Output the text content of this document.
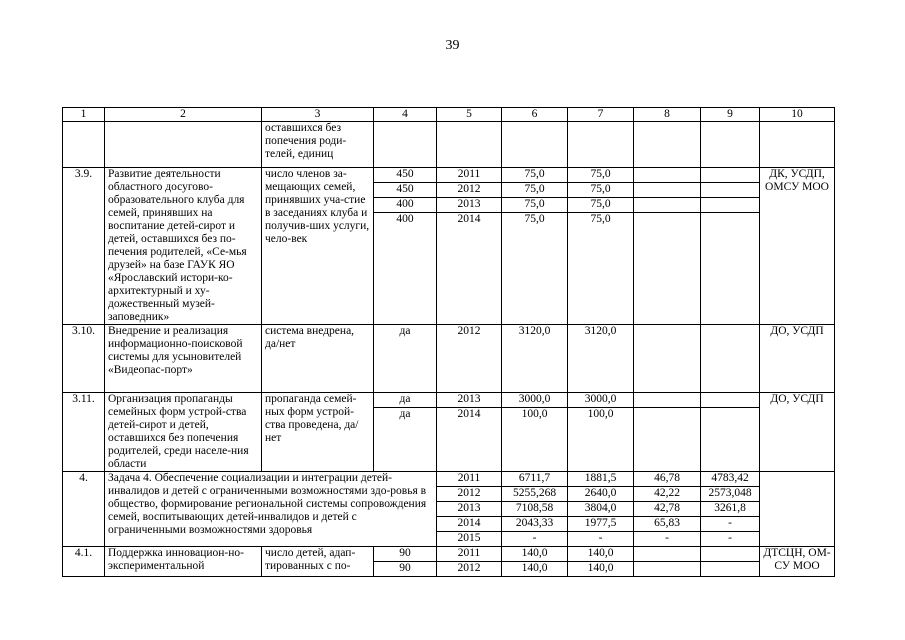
39
1	2	3	4	5	6	7	8	9	10
		оставшихся без попечения роди-телей, единиц							
3.9.	Развитие деятельности областного досугово-образовательного клуба для семей, принявших на воспитание детей-сирот и детей, оставшихся без по-печения родителей, «Се-мья друзей» на базе ГАУК ЯО «Ярославский истори-ко-архитектурный и ху-дожественный музей-заповедник»	число членов за-мещающих семей, принявших уча-стие в заседаниях клуба и получив-ших услуги, чело-век	450	2011	75,0	75,0			ДК, УСДП, ОМСУ МОО
			450	2012	75,0	75,0			
			400	2013	75,0	75,0			
			400	2014	75,0	75,0			
3.10.	Внедрение и реализация информационно-поисковой системы для усыновителей «Видеопас-порт»	система внедрена, да/нет	да	2012	3120,0	3120,0			ДО, УСДП
3.11.	Организация пропаганды семейных форм устрой-ства детей-сирот и детей, оставшихся без попечения родителей, среди населе-ния области	пропаганда семей-ных форм устрой-ства проведена, да/нет	да	2013	3000,0	3000,0			ДО, УСДП
			да	2014	100,0	100,0			
4.	Задача 4. Обеспечение социализации и интеграции детей-инвалидов и детей с ограниченными возможностями здо-ровья в общество, формирование региональной системы сопровождения семей, воспитывающих детей-инвалидов и детей с ограниченными возможностями здоровья			2011	6711,7	1881,5	46,78	4783,42	
				2012	5255,268	2640,0	42,22	2573,048	
				2013	7108,58	3804,0	42,78	3261,8	
				2014	2043,33	1977,5	65,83	-	
				2015	-	-	-	-	
4.1.	Поддержка инновацион-но-экспериментальной	число детей, адап-тированных с по-	90	2011	140,0	140,0			ДТСЦН, ОМ-СУ МОО
			90	2012	140,0	140,0			
